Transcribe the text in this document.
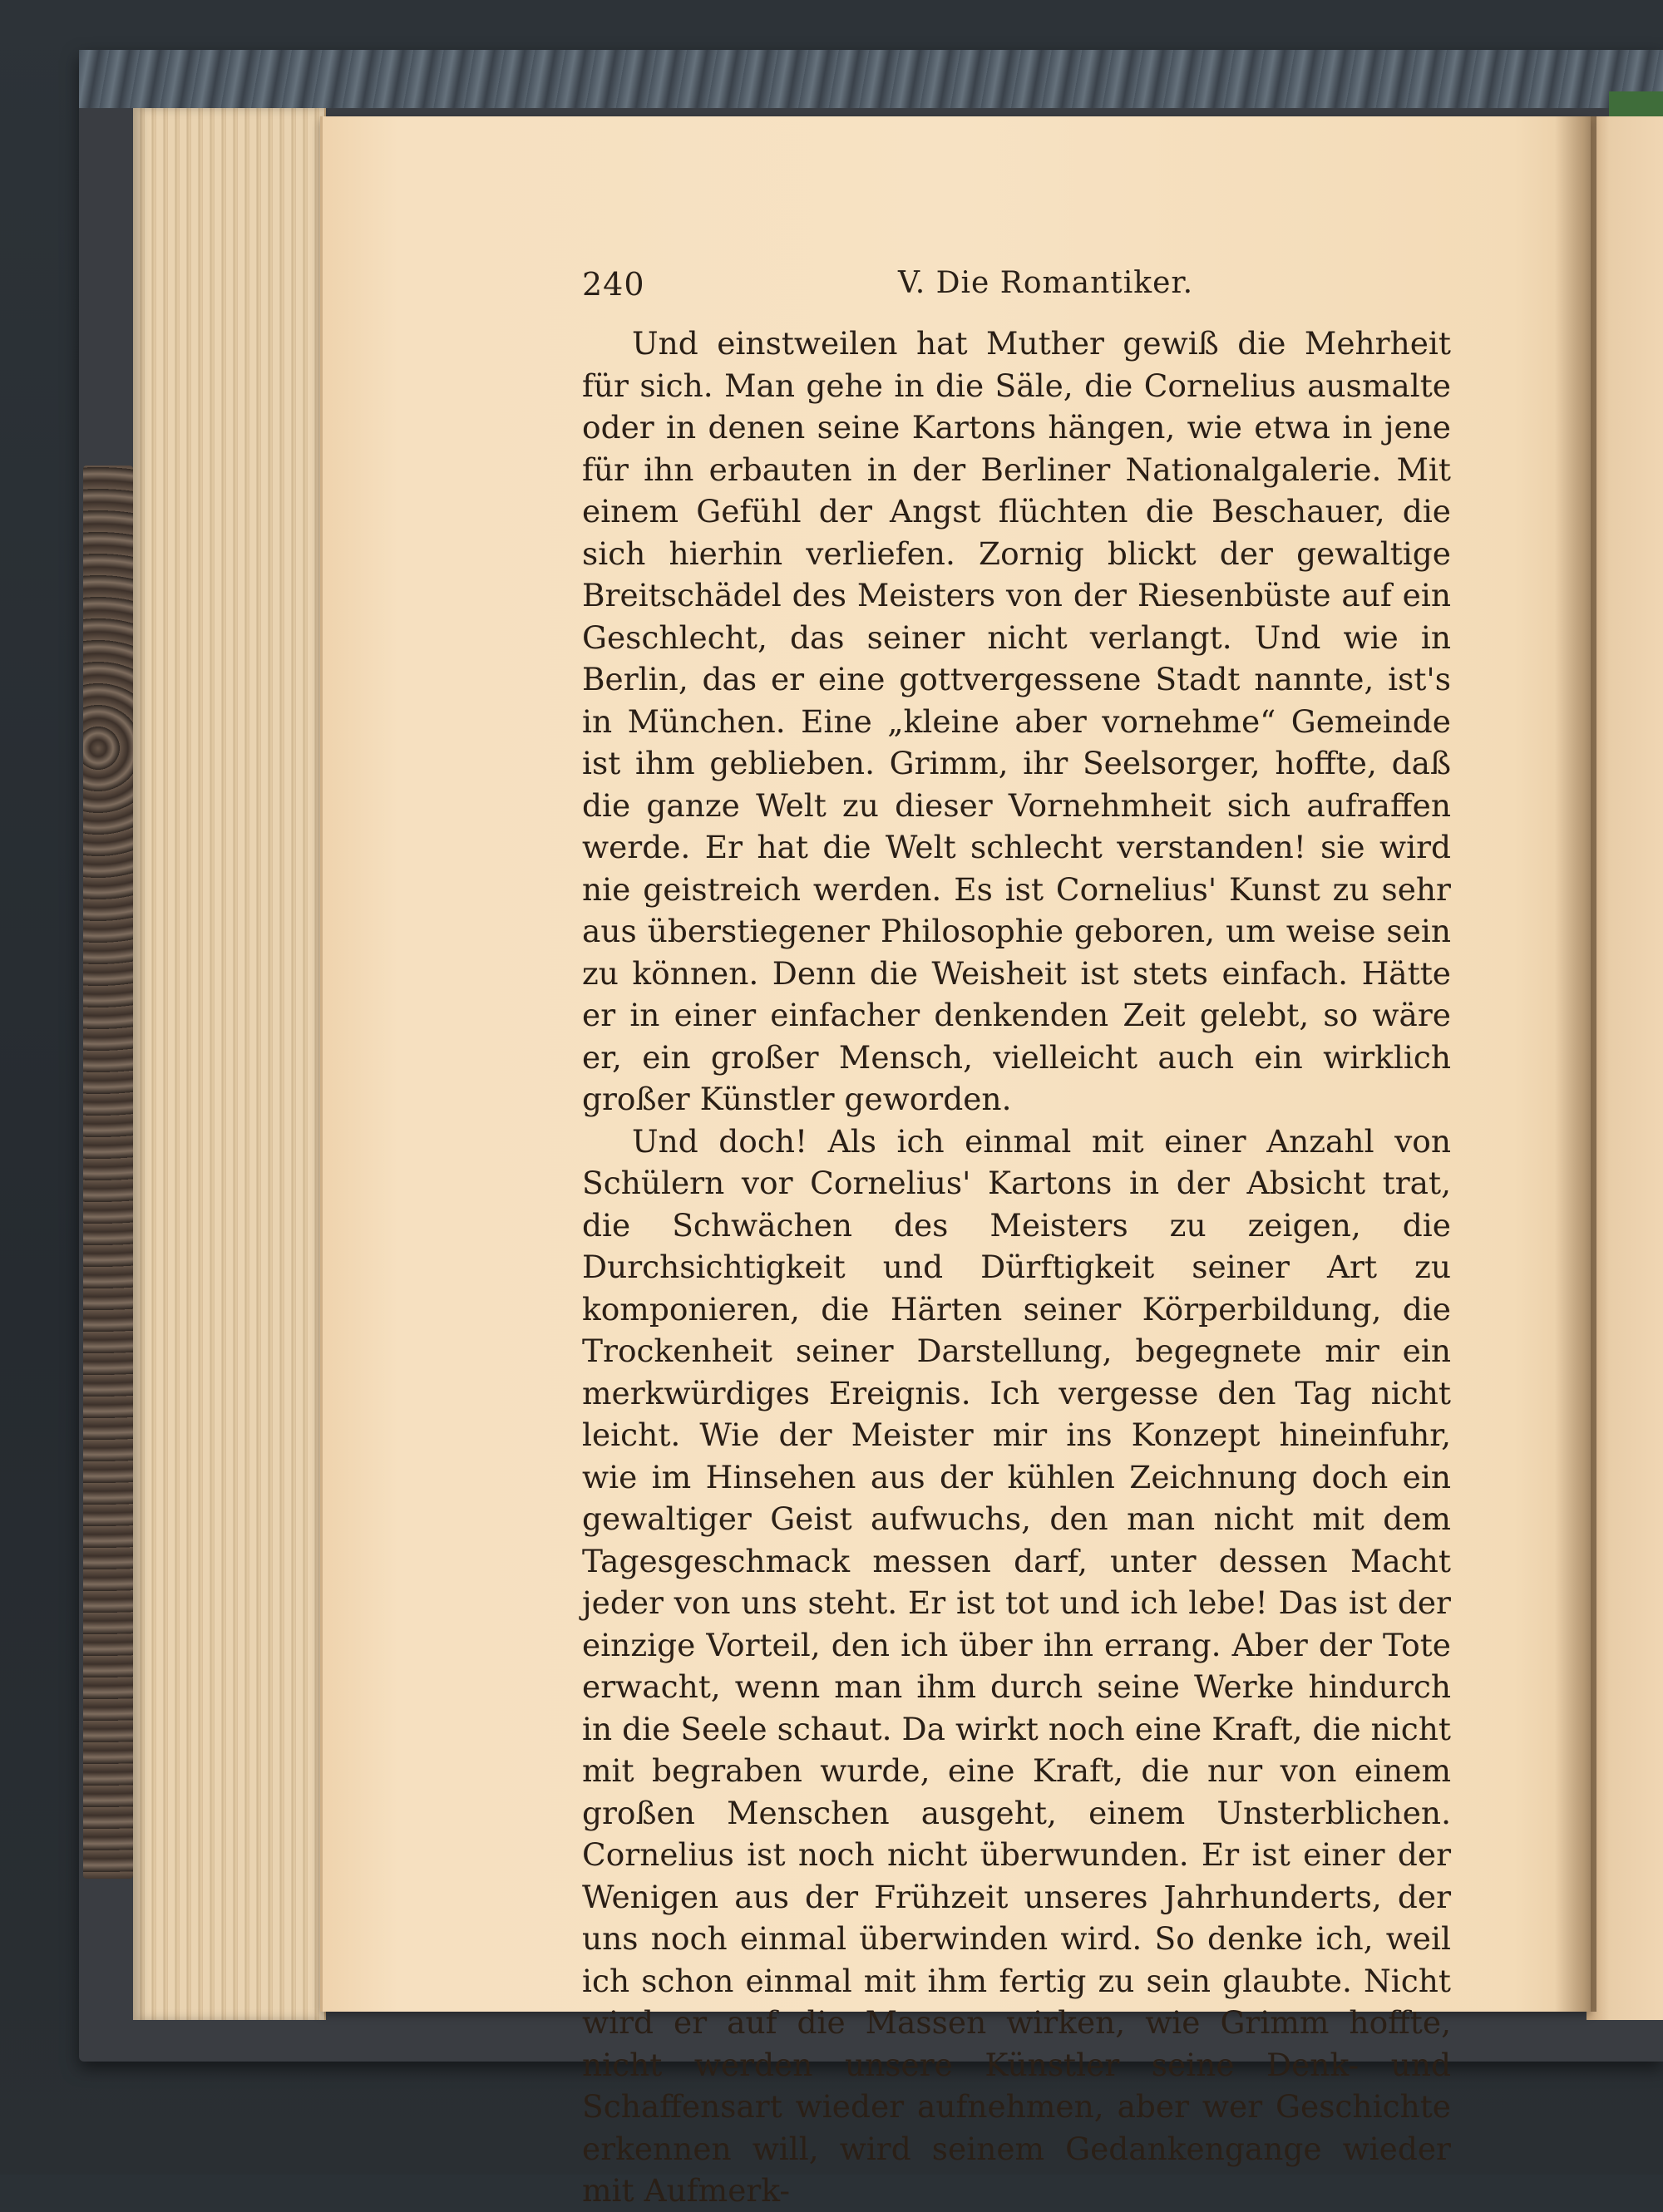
240	V. Die Romantiker.

Und einstweilen hat Muther gewiß die Mehrheit für sich. Man gehe in die Säle, die Cornelius ausmalte oder in denen seine Kartons hängen, wie etwa in jene für ihn erbauten in der Berliner Nationalgalerie. Mit einem Gefühl der Angst flüchten die Beschauer, die sich hierhin verliefen. Zornig blickt der gewaltige Breitschädel des Meisters von der Riesenbüste auf ein Geschlecht, das seiner nicht verlangt. Und wie in Berlin, das er eine gottvergessene Stadt nannte, ist's in München. Eine „kleine aber vornehme“ Gemeinde ist ihm geblieben. Grimm, ihr Seelsorger, hoffte, daß die ganze Welt zu dieser Vornehmheit sich aufraffen werde. Er hat die Welt schlecht verstanden! sie wird nie geistreich werden. Es ist Cornelius' Kunst zu sehr aus überstiegener Philosophie geboren, um weise sein zu können. Denn die Weisheit ist stets einfach. Hätte er in einer einfacher denkenden Zeit gelebt, so wäre er, ein großer Mensch, vielleicht auch ein wirklich großer Künstler geworden.

Und doch! Als ich einmal mit einer Anzahl von Schülern vor Cornelius' Kartons in der Absicht trat, die Schwächen des Meisters zu zeigen, die Durchsichtigkeit und Dürftigkeit seiner Art zu komponieren, die Härten seiner Körperbildung, die Trockenheit seiner Darstellung, begegnete mir ein merkwürdiges Ereignis. Ich vergesse den Tag nicht leicht. Wie der Meister mir ins Konzept hineinfuhr, wie im Hinsehen aus der kühlen Zeichnung doch ein gewaltiger Geist aufwuchs, den man nicht mit dem Tagesgeschmack messen darf, unter dessen Macht jeder von uns steht. Er ist tot und ich lebe! Das ist der einzige Vorteil, den ich über ihn errang. Aber der Tote erwacht, wenn man ihm durch seine Werke hindurch in die Seele schaut. Da wirkt noch eine Kraft, die nicht mit begraben wurde, eine Kraft, die nur von einem großen Menschen ausgeht, einem Unsterblichen. Cornelius ist noch nicht überwunden. Er ist einer der Wenigen aus der Frühzeit unseres Jahrhunderts, der uns noch einmal überwinden wird. So denke ich, weil ich schon einmal mit ihm fertig zu sein glaubte. Nicht wird er auf die Massen wirken, wie Grimm hoffte, nicht werden unsere Künstler seine Denk- und Schaffensart wieder aufnehmen, aber wer Geschichte erkennen will, wird seinem Gedankengange wieder mit Aufmerk-
